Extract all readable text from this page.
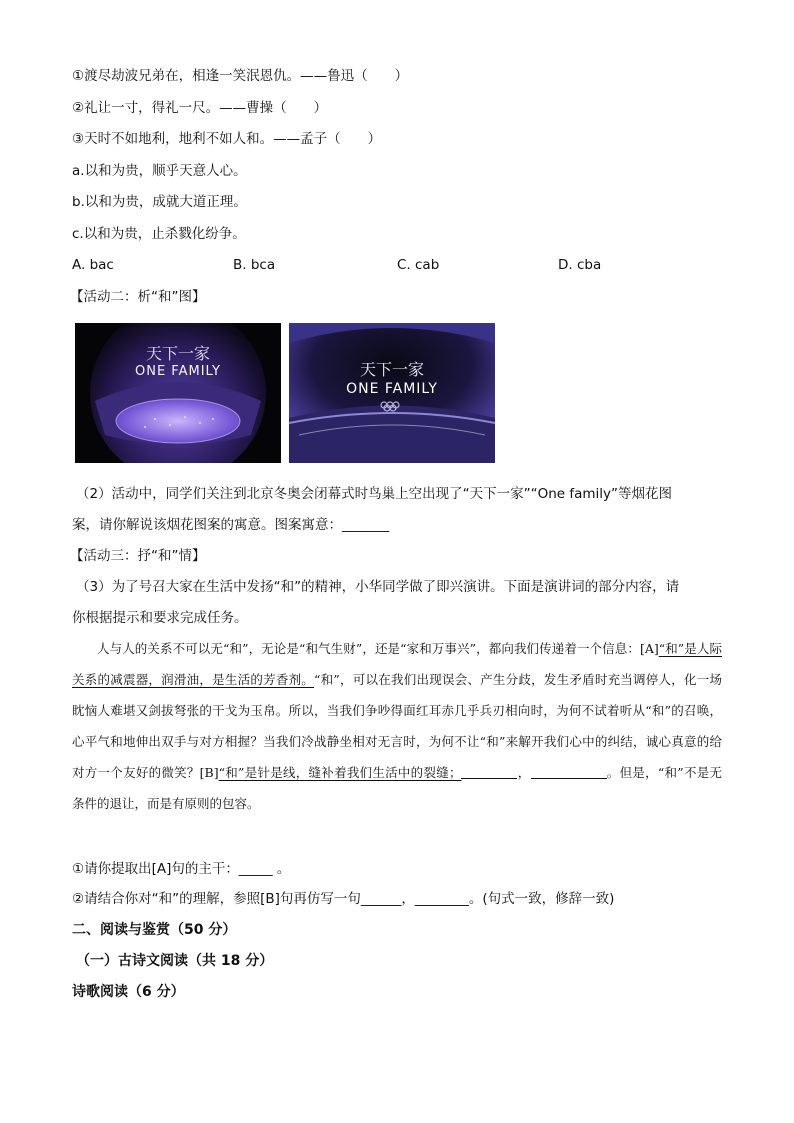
①渡尽劫波兄弟在，相逢一笑泯恩仇。——鲁迅（　　）
②礼让一寸，得礼一尺。——曹操（　　）
③天时不如地利，地利不如人和。——孟子（　　）
a.以和为贵，顺乎天意人心。
b.以和为贵，成就大道正理。
c.以和为贵，止杀戮化纷争。
A. bac	B. bca	C. cab	D. cba
【活动二：析“和”图】
天下一家
ONE FAMILY	天下一家
ONE FAMILY
（2）活动中，同学们关注到北京冬奥会闭幕式时鸟巢上空出现了“天下一家”“One family”等烟花图
案，请你解说该烟花图案的寓意。图案寓意：_______
【活动三：抒“和”情】
（3）为了号召大家在生活中发扬“和”的精神，小华同学做了即兴演讲。下面是演讲词的部分内容，请
你根据提示和要求完成任务。

人与人的关系不可以无“和”，无论是“和气生财”，还是“家和万事兴”，都向我们传递着一个信息：[A]“和”是人际关系的减震器，润滑油，是生活的芳香剂。“和”，可以在我们出现误会、产生分歧，发生矛盾时充当调停人，化一场眈恼人难堪又剑拔弩张的干戈为玉帛。所以，当我们争吵得面红耳赤几乎兵刃相向时，为何不试着听从“和”的召唤，心平气和地伸出双手与对方相握？当我们冷战静坐相对无言时，为何不让“和”来解开我们心中的纠结，诚心真意的给对方一个友好的微笑？[B]“和”是针是线，缝补着我们生活中的裂缝；	，	。但是，“和”不是无条件的退让，而是有原则的包容。

①请你提取出[A]句的主干：_____ 。
②请结合你对“和”的理解，参照[B]句再仿写一句______，________。(句式一致，修辞一致)
二、阅读与鉴赏（50 分）
（一）古诗文阅读（共 18 分）
诗歌阅读（6 分）
